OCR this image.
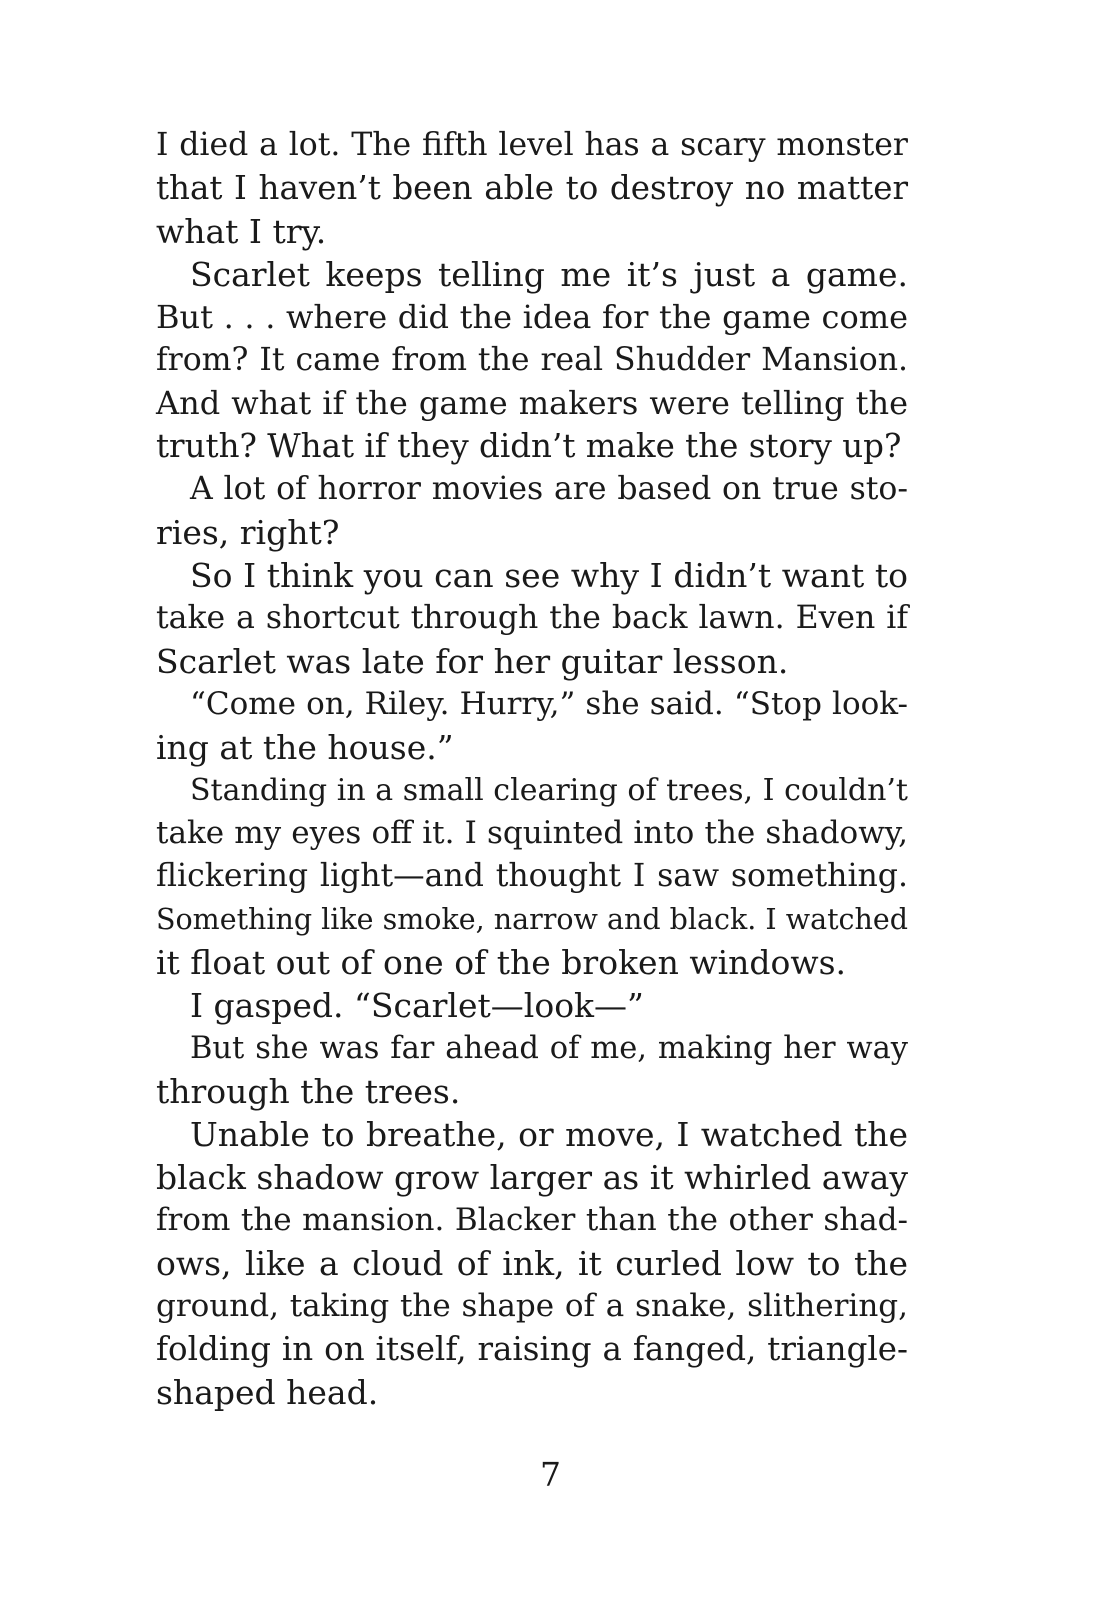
I died a lot. The fifth level has a scary monster
that I haven’t been able to destroy no matter
what I try.
Scarlet keeps telling me it’s just a game.
But . . . where did the idea for the game come
from? It came from the real Shudder Mansion.
And what if the game makers were telling the
truth? What if they didn’t make the story up?
A lot of horror movies are based on true sto-
ries, right?
So I think you can see why I didn’t want to
take a shortcut through the back lawn. Even if
Scarlet was late for her guitar lesson.
“Come on, Riley. Hurry,” she said. “Stop look-
ing at the house.”
Standing in a small clearing of trees, I couldn’t
take my eyes off it. I squinted into the shadowy,
flickering light—and thought I saw something.
Something like smoke, narrow and black. I watched
it float out of one of the broken windows.
I gasped. “Scarlet—look—”
But she was far ahead of me, making her way
through the trees.
Unable to breathe, or move, I watched the
black shadow grow larger as it whirled away
from the mansion. Blacker than the other shad-
ows, like a cloud of ink, it curled low to the
ground, taking the shape of a snake, slithering,
folding in on itself, raising a fanged, triangle-
shaped head.
7
